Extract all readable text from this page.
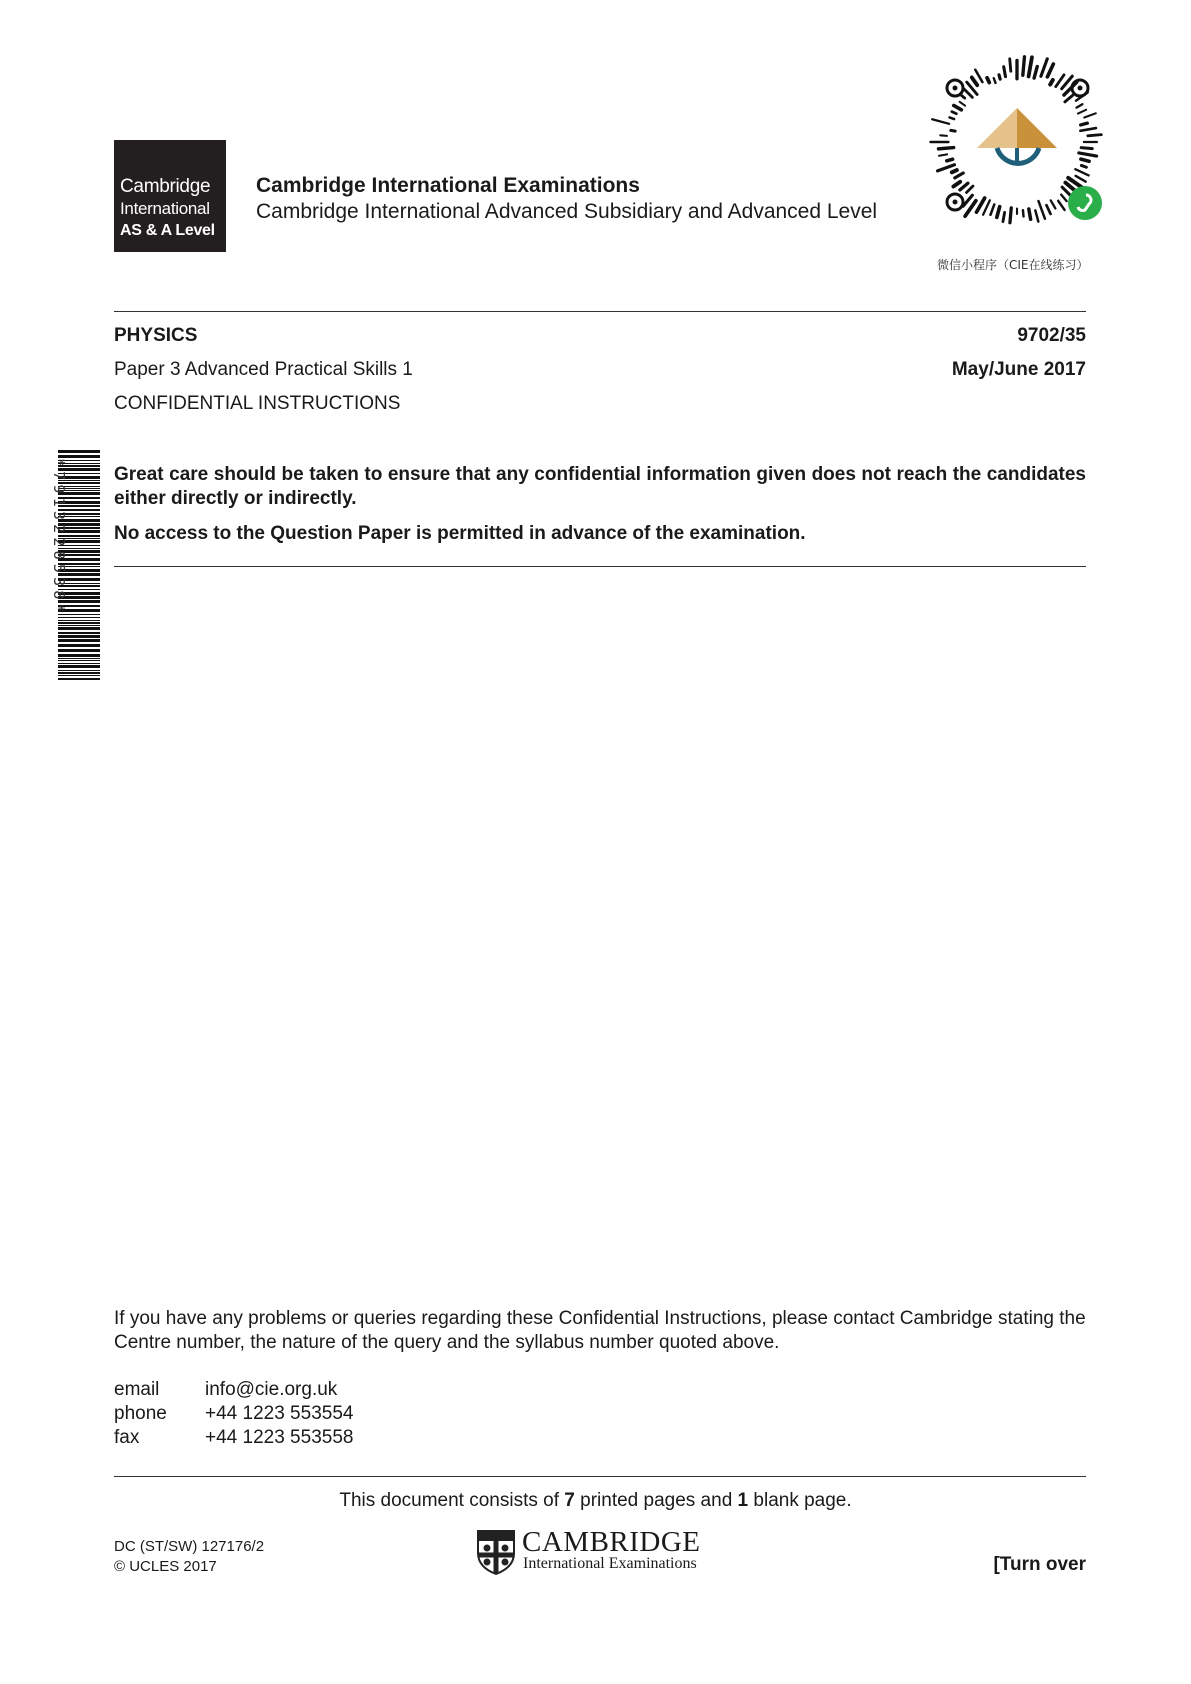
Cambridge
International
AS & A Level
Cambridge International Examinations
Cambridge International Advanced Subsidiary and Advanced Level
微信小程序（CIE在线练习）
PHYSICS	9702/35
Paper 3 Advanced Practical Skills 1	May/June 2017
CONFIDENTIAL INSTRUCTIONS
*7913228538* Great care should be taken to ensure that any confidential information given does not reach the candidates either directly or indirectly.
No access to the Question Paper is permitted in advance of the examination.
If you have any problems or queries regarding these Confidential Instructions, please contact Cambridge stating the Centre number, the nature of the query and the syllabus number quoted above.
email info@cie.org.uk
phone +44 1223 553554
fax	+44 1223 553558
This document consists of 7 printed pages and 1 blank page.
DC (ST/SW) 127176/2
© UCLES 2017
CAMBRIDGE
International Examinations	[Turn over
